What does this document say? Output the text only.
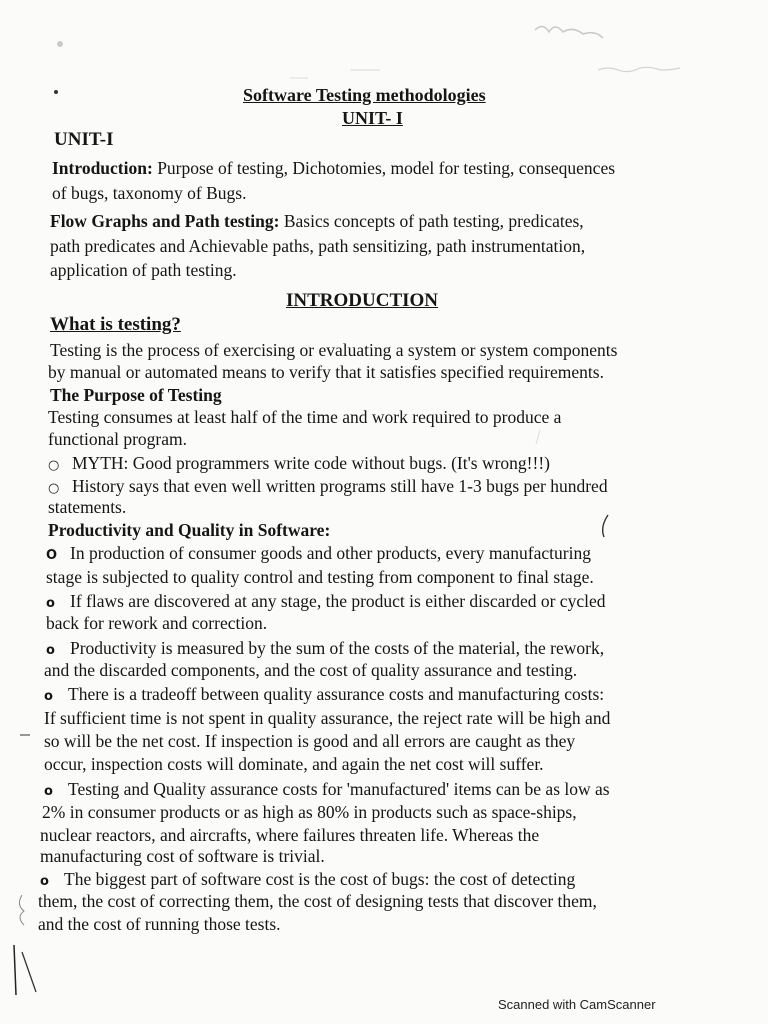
Software Testing methodologies
UNIT- I
UNIT-I
Introduction: Purpose of testing, Dichotomies, model for testing, consequences
of bugs, taxonomy of Bugs.
Flow Graphs and Path testing: Basics concepts of path testing, predicates,
path predicates and Achievable paths, path sensitizing, path instrumentation,
application of path testing.
INTRODUCTION
What is testing?
Testing is the process of exercising or evaluating a system or system components
by manual or automated means to verify that it satisfies specified requirements.
The Purpose of Testing
Testing consumes at least half of the time and work required to produce a
functional program.
○ MYTH: Good programmers write code without bugs. (It's wrong!!!)
○ History says that even well written programs still have 1-3 bugs per hundred
statements.
Productivity and Quality in Software:
O In production of consumer goods and other products, every manufacturing
stage is subjected to quality control and testing from component to final stage.
o If flaws are discovered at any stage, the product is either discarded or cycled
back for rework and correction.
o Productivity is measured by the sum of the costs of the material, the rework,
and the discarded components, and the cost of quality assurance and testing.
o There is a tradeoff between quality assurance costs and manufacturing costs:
If sufficient time is not spent in quality assurance, the reject rate will be high and
so will be the net cost. If inspection is good and all errors are caught as they
occur, inspection costs will dominate, and again the net cost will suffer.
o Testing and Quality assurance costs for 'manufactured' items can be as low as
2% in consumer products or as high as 80% in products such as space-ships,
nuclear reactors, and aircrafts, where failures threaten life. Whereas the
manufacturing cost of software is trivial.
o The biggest part of software cost is the cost of bugs: the cost of detecting
them, the cost of correcting them, the cost of designing tests that discover them,
and the cost of running those tests.
Scanned with CamScanner
